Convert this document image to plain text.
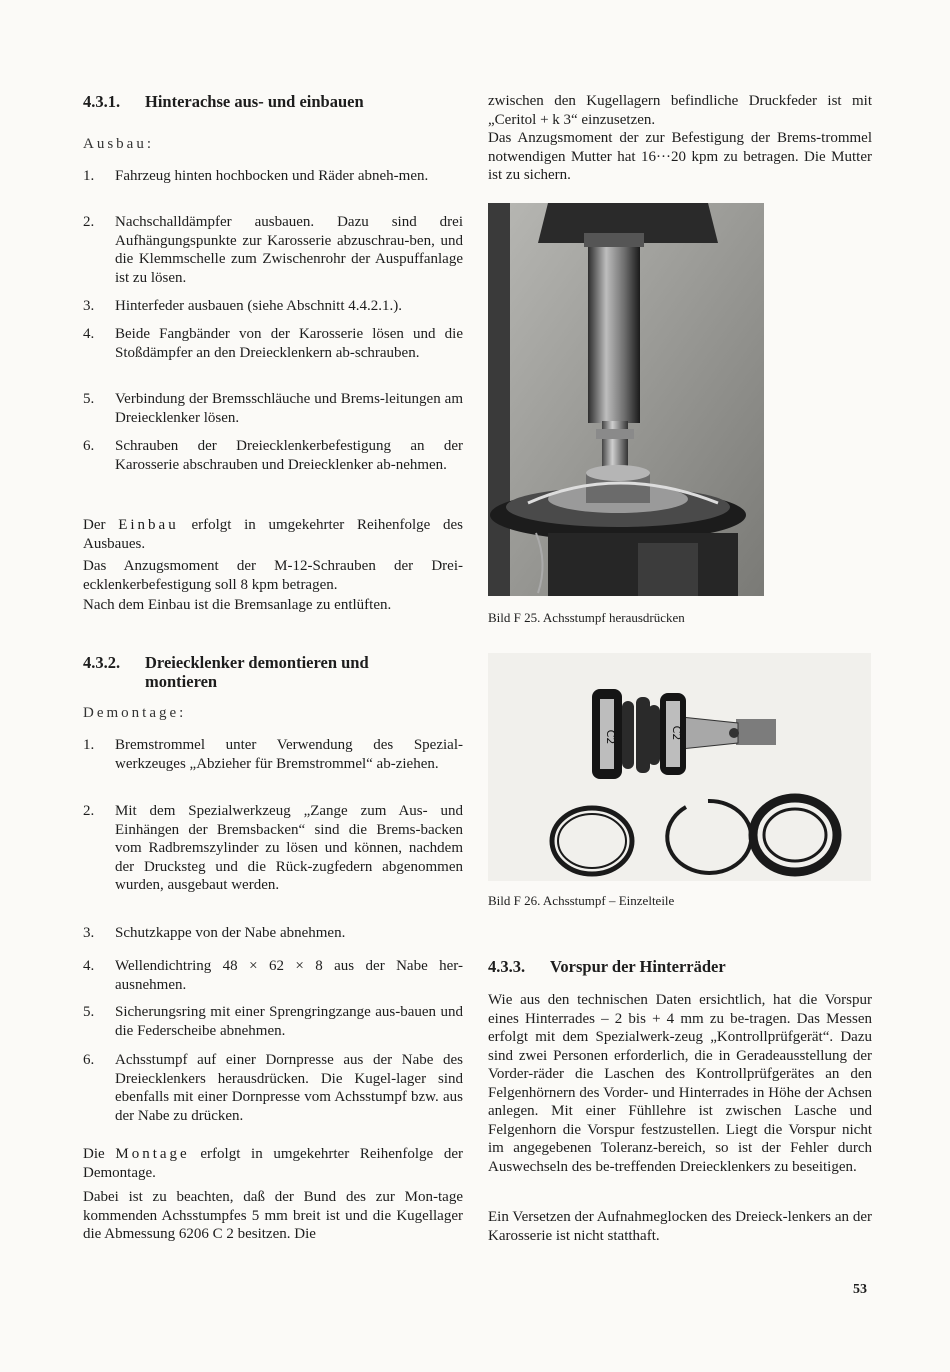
4.3.1. Hinterachse aus- und einbauen
Ausbau:
1. Fahrzeug hinten hochbocken und Räder abneh-men.
2. Nachschalldämpfer ausbauen. Dazu sind drei Aufhängungspunkte zur Karosserie abzuschrau-ben, und die Klemmschelle zum Zwischenrohr der Auspuffanlage ist zu lösen.
3. Hinterfeder ausbauen (siehe Abschnitt 4.4.2.1.).
4. Beide Fangbänder von der Karosserie lösen und die Stoßdämpfer an den Dreiecklenkern ab-schrauben.
5. Verbindung der Bremsschläuche und Brems-leitungen am Dreiecklenker lösen.
6. Schrauben der Dreiecklenkerbefestigung an der Karosserie abschrauben und Dreiecklenker ab-nehmen.
Der Einbau erfolgt in umgekehrter Reihenfolge des Ausbaues.
Das Anzugsmoment der M-12-Schrauben der Drei-ecklenkerbefestigung soll 8 kpm betragen.
Nach dem Einbau ist die Bremsanlage zu entlüften.
4.3.2. Dreiecklenker demontieren und montieren
Demontage:
1. Bremstrommel unter Verwendung des Spezial-werkzeuges „Abzieher für Bremstrommel“ ab-ziehen.
2. Mit dem Spezialwerkzeug „Zange zum Aus- und Einhängen der Bremsbacken“ sind die Brems-backen vom Radbremszylinder zu lösen und können, nachdem der Drucksteg und die Rück-zugfedern abgenommen wurden, ausgebaut werden.
3. Schutzkappe von der Nabe abnehmen.
4. Wellendichtring 48 × 62 × 8 aus der Nabe her-ausnehmen.
5. Sicherungsring mit einer Sprengringzange aus-bauen und die Federscheibe abnehmen.
6. Achsstumpf auf einer Dornpresse aus der Nabe des Dreiecklenkers herausdrücken. Die Kugel-lager sind ebenfalls mit einer Dornpresse vom Achsstumpf bzw. aus der Nabe zu drücken.
Die Montage erfolgt in umgekehrter Reihenfolge der Demontage.
Dabei ist zu beachten, daß der Bund des zur Mon-tage kommenden Achsstumpfes 5 mm breit ist und die Kugellager die Abmessung 6206 C 2 besitzen. Die
zwischen den Kugellagern befindliche Druckfeder ist mit „Ceritol + k 3“ einzusetzen.
Das Anzugsmoment der zur Befestigung der Brems-trommel notwendigen Mutter hat 16···20 kpm zu betragen. Die Mutter ist zu sichern.
Bild F 25. Achsstumpf herausdrücken
C2	C2
Bild F 26. Achsstumpf – Einzelteile
4.3.3. Vorspur der Hinterräder
Wie aus den technischen Daten ersichtlich, hat die Vorspur eines Hinterrades – 2 bis + 4 mm zu be-tragen. Das Messen erfolgt mit dem Spezialwerk-zeug „Kontrollprüfgerät“. Dazu sind zwei Personen erforderlich, die in Geradeausstellung der Vorder-räder die Laschen des Kontrollprüfgerätes an den Felgenhörnern des Vorder- und Hinterrades in Höhe der Achsen anlegen. Mit einer Fühllehre ist zwischen Lasche und Felgenhorn die Vorspur festzustellen. Liegt die Vorspur nicht im angegebenen Toleranz-bereich, so ist der Fehler durch Auswechseln des be-treffenden Dreiecklenkers zu beseitigen.
Ein Versetzen der Aufnahmeglocken des Dreieck-lenkers an der Karosserie ist nicht statthaft.
53
